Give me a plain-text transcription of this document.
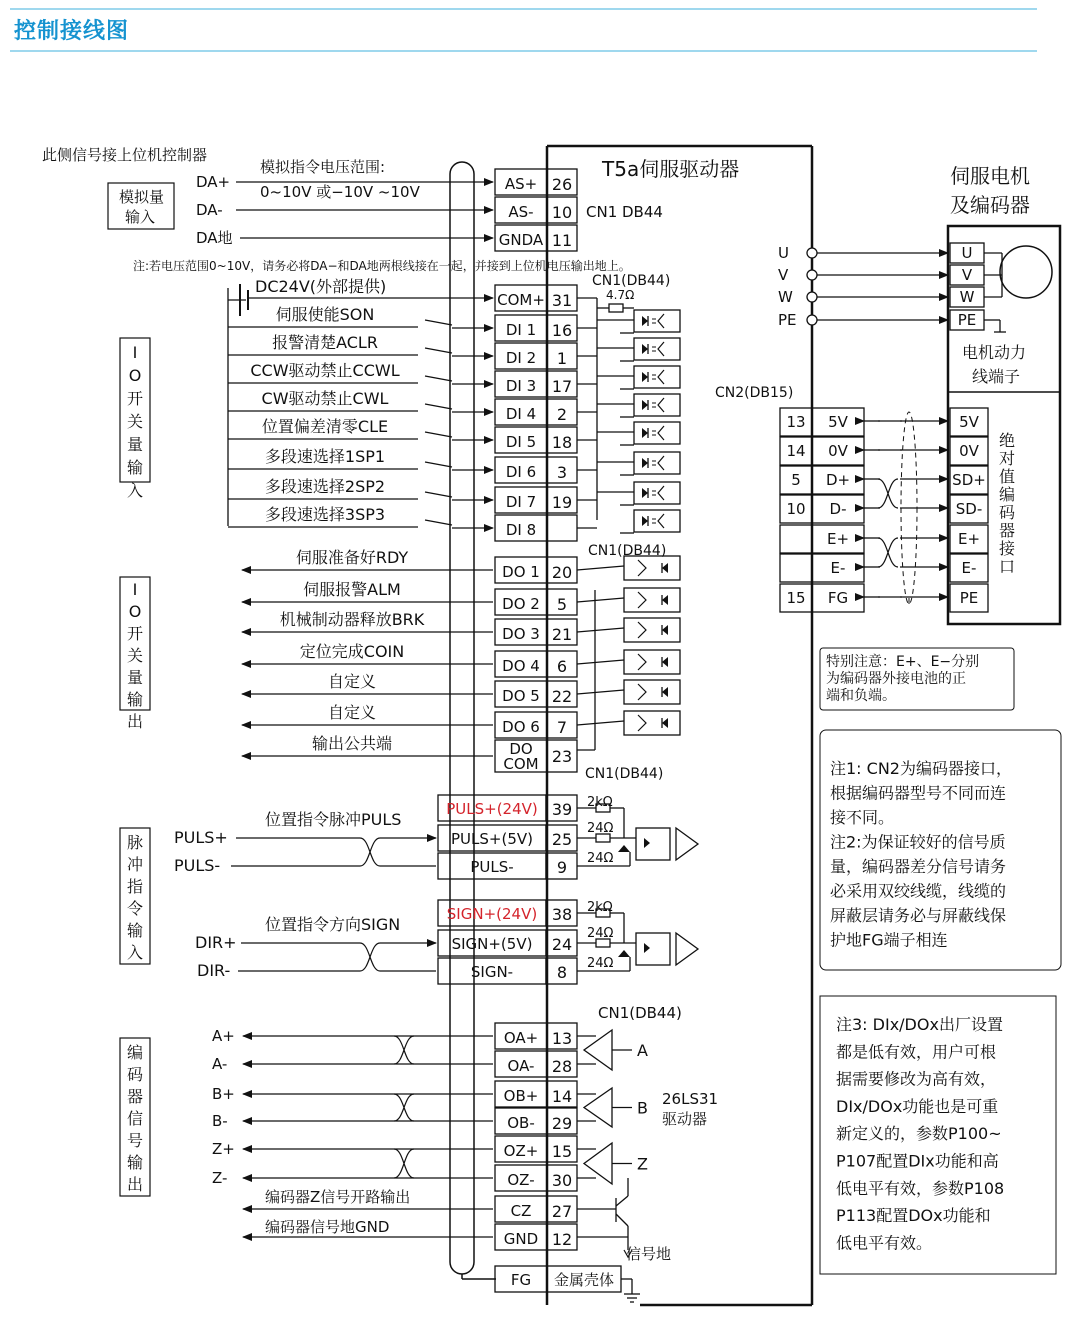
控制接线图
T5a伺服驱动器	伺服电机
及编码器
U	U
V	V
W	W
PE	PE
电机动力
线端子
CN2(DB15)
13 5V	5V
14 0V	0V
5 D+	SD+
10 D-	SD-
E+	E+
E-	E-
15 FG	PE
绝
对
值
编
码
器
接
口
此侧信号接上位机控制器
模拟量
输入
模拟指令电压范围:
0~10V 或−10V ~10V
注:若电压范围0~10V，请务必将DA−和DA地两根线接在一起，并接到上位机电压输出地上。
CN1 DB44
DA+
DA-
DA地
AS+ 26
AS- 10
GNDA 11
I
O
开
关
量
输
入
DC24V(外部提供)	CN1(DB44)
4.7Ω
COM+ 31
伺服使能SON
DI 1 16
报警清楚ACLR
DI 2 1
CCW驱动禁止CCWL
DI 3 17
CW驱动禁止CWL
DI 4 2
位置偏差清零CLE
DI 5 18
多段速选择1SP1
DI 6 3
多段速选择2SP2
DI 7 19
多段速选择3SP3
DI 8
I
O
开
关
量
输
出
CN1(DB44)
CN1(DB44)
伺服准备好RDY
DO 1 20
伺服报警ALM
DO 2 5
机械制动器释放BRK
DO 3 21
定位完成COIN
DO 4 6
自定义
DO 5 22
自定义
DO 6 7
输出公共端	DO
COM 23
脉
冲
指
令
输
入
位置指令脉冲PULS
PULS+
PULS-
PULS+(24V) 39
PULS+(5V) 25
PULS-	9
2kΩ
24Ω
24Ω
位置指令方向SIGN
DIR+
DIR-
SIGN+(24V) 38
SIGN+(5V) 24
SIGN-	8
2kΩ
24Ω
24Ω
编
码
器
信
号
输
出
CN1(DB44)
A+	OA+ 13
A-	OA- 28
B+	OB+ 14
B-	OB- 29
Z+	OZ+ 15
Z-	OZ- 30
A
B
Z
26LS31
驱动器
编码器Z信号开路输出
CZ 27
编码器信号地GND
GND 12
信号地
FG 金属壳体
特别注意：E+、E−分别
为编码器外接电池的正
端和负端。
注1: CN2为编码器接口，
根据编码器型号不同而连
接不同。
注2:为保证较好的信号质
量，编码器差分信号请务
必采用双绞线缆，线缆的
屏蔽层请务必与屏蔽线保
护地FG端子相连
注3: DIx/DOx出厂设置
都是低有效，用户可根
据需要修改为高有效，
DIx/DOx功能也是可重
新定义的，参数P100~
P107配置DIx功能和高
低电平有效，参数P108
P113配置DOx功能和
低电平有效。
